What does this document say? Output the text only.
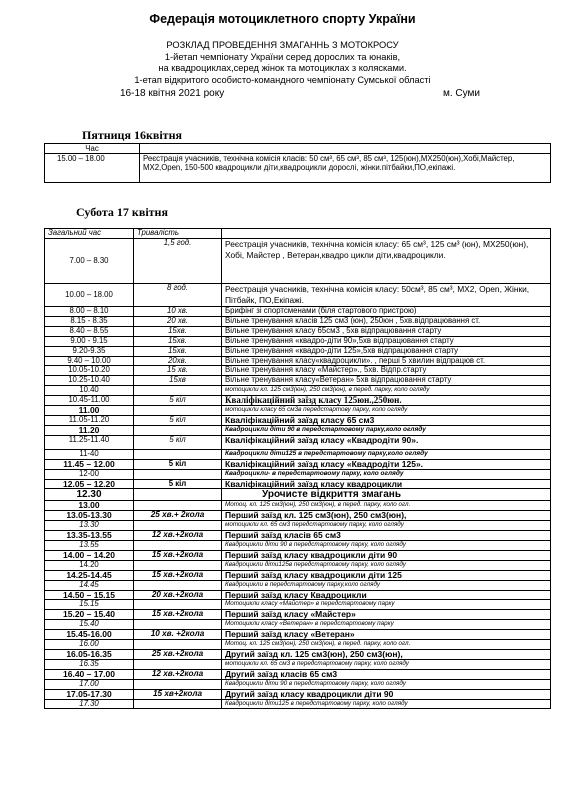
Федерація мотоциклетного спорту України
РОЗКЛАД ПРОВЕДЕННЯ ЗМАГАННЬ З МОТОКРОСУ
1-йетап чемпіонату України серед дорослих та юнаків,
на квадроциклах,серед жінок та мотоциклах з колясками.
1-етап відкритого особисто-командного чемпіонату Сумської області
16-18 квітня 2021 року	м. Суми
Пятниця 16квітня
Час	
15.00 – 18.00	Реєстрація учасників, технічна комісія класів: 50 см³, 65 см³, 85 см³, 125(юн),МХ250(юн),Хобі,Майстер, МХ2,Open, 150-500 квадроцикли діти,квадроцикли дорослі, жінки.пітбайки,ПО,екіпажі.
Субота 17 квітня
Загальний час	Тривалість	
7.00 – 8.30	1,5 год.	Реєстрація учасників, технічна комісія класу: 65 см³, 125 см³ (юн), МХ250(юн), Хобі, Майстер , Ветеран,квадро цикли діти,квадроцикли.
10.00 – 18.00	8 год.	Реєстрація учасників, технічна комісія класу: 50см³, 85 см³, МХ2, Open, Жінки, Пітбайк, ПО,Екіпажі.
8.00 – 8.10	10 хв.	Брифінг зі спортсменами (біля стартового пристрою)
8.15 - 8.35	20 хв.	Вільне тренування класів 125 см3 (юн), 250юн , 5хв.відпрацювання ст.
8.40 – 8.55	15хв.	Вільне тренування класу 65см3 , 5хв відпрацювання старту
9.00 - 9.15	15хв.	Вільне тренування «квадро-діти 90»,5хв відпрацювання старту
9.20-9.35	15хв.	Вільне тренування «квадро-діти 125»,5хв відпрацювання старту
9.40 – 10.00	20хв.	Вільне тренування класу«квадроцикли». , перші 5 хвилин відпрацюв ст.
10.05-10.20	15 хв.	Вільне тренування класу «Майстер»., 5хв. Відпр.старту
10.25-10.40	15хв	Вільне тренування класу«Ветеран» 5хв відпрацювання старту
10.40		мотоцикли кл. 125 см3(юн), 250 см3(юн), в перед. парку, коло огляду
10.45-11.00	5 кіл	Кваліфікаційний заїзд класу 125юн.,250юн.
11.00		мотоцикли класу 65 см3в передстартову парку, коло огляду
11.05-11.20	5 кіл	Кваліфікаційний заїзд класу 65 см3
11.20		Квадроцикли діти 90 в передстартовому парку,коло огляду
11.25-11.40	5 кіл	Кваліфікаційний заїзд класу «Квадродіти 90».
11-40		Квадроцикли діти125 в передстартовому парку,коло огляду
11.45 – 12.00	5 кіл	Кваліфікаційний заїзд класу «Квадродіти 125».
12-00		Квадроцикли- в передстартовому парку, коло огляду
12.05 – 12.20	5 кіл	Кваліфікаційний заїзд класу квадроцикли
12.30		Урочисте відкриття змагань
13.00		Мотоц. кл. 125 см3(юн), 250 см3(юн), в перед. парку, коло огл.
13.05-13.30	25 хв.+ 2кола	Перший заїзд кл. 125 см3(юн), 250 см3(юн),
13.30		мотоцикли кл. 65 см3 передстартовому парку, коло огляду
13.35-13.55	12 хв.+2кола	Перший заїзд класів 65 см3
13.55		Квадроцикли діти 90 в передстартовому парку, коло огляду
14.00 – 14.20	15 хв.+2кола	Перший заїзд класу квадроцикли діти 90
14.20		Квадроцикли діти125в передстартовому парку, коло огляду
14.25-14.45	15 хв.+2кола	Перший заїзд класу квадроцикли діти 125
14.45		Квадроцикли в передстартовому парку,коло огляду
14.50 – 15.15	20 хв.+2кола	Перший заїзд класу Квадроцикли
15.15		Мотоцикли класу «Майстер» в передстартовому парку
15.20 – 15.40	15 хв.+2кола	Перший заїзд класу «Майстер»
15.40		Мотоцикли класу «Ветеран» в передстартовому парку
15.45-16.00	10 хв. +2кола	Перший заїзд класу «Ветеран»
16.00		Мотоц. кл. 125 см3(юн), 250 см3(юн), в перед. парку, коло огл.
16.05-16.35	25 хв.+2кола	Другий заїзд кл. 125 см3(юн), 250 см3(юн),
16.35		мотоцикли кл. 65 см3 в передстартовому парку, коло огляду
16.40 – 17.00	12 хв.+2кола	Другий заїзд класів 65 см3
17.00		Квадроцикли діти 90 в передстартовому парку, коло огляду
17.05-17.30	15 хв+2кола	Другий заїзд класу квадроцикли діти 90
17.30		Квадроцикли діти125 в передстартовому парку, коло огляду
